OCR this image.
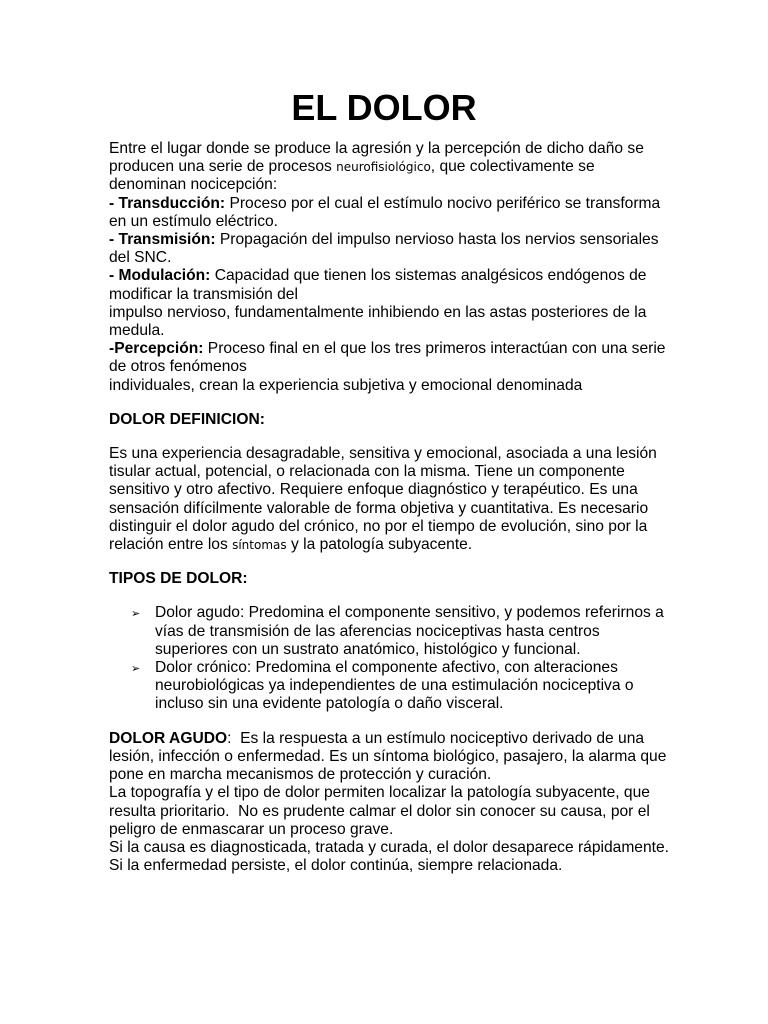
EL DOLOR

Entre el lugar donde se produce la agresión y la percepción de dicho daño se producen una serie de procesos neurofisiológico, que colectivamente se denominan nocicepción:

- Transducción: Proceso por el cual el estímulo nocivo periférico se transforma en un estímulo eléctrico.

- Transmisión: Propagación del impulso nervioso hasta los nervios sensoriales del SNC.

- Modulación: Capacidad que tienen los sistemas analgésicos endógenos de modificar la transmisión del

impulso nervioso, fundamentalmente inhibiendo en las astas posteriores de la medula.

-Percepción: Proceso final en el que los tres primeros interactúan con una serie de otros fenómenos

individuales, crean la experiencia subjetiva y emocional denominada

DOLOR DEFINICION:

Es una experiencia desagradable, sensitiva y emocional, asociada a una lesión tisular actual, potencial, o relacionada con la misma. Tiene un componente sensitivo y otro afectivo. Requiere enfoque diagnóstico y terapéutico. Es una sensación difícilmente valorable de forma objetiva y cuantitativa. Es necesario distinguir el dolor agudo del crónico, no por el tiempo de evolución, sino por la relación entre los síntomas y la patología subyacente.

TIPOS DE DOLOR:

➢ Dolor agudo: Predomina el componente sensitivo, y podemos referirnos a vías de transmisión de las aferencias nociceptivas hasta centros superiores con un sustrato anatómico, histológico y funcional.
➢ Dolor crónico: Predomina el componente afectivo, con alteraciones neurobiológicas ya independientes de una estimulación nociceptiva o incluso sin una evidente patología o daño visceral.

DOLOR AGUDO:  Es la respuesta a un estímulo nociceptivo derivado de una lesión, infección o enfermedad. Es un síntoma biológico, pasajero, la alarma que pone en marcha mecanismos de protección y curación.

La topografía y el tipo de dolor permiten localizar la patología subyacente, que resulta prioritario.  No es prudente calmar el dolor sin conocer su causa, por el peligro de enmascarar un proceso grave.

Si la causa es diagnosticada, tratada y curada, el dolor desaparece rápidamente.  Si la enfermedad persiste, el dolor continúa, siempre relacionada.
